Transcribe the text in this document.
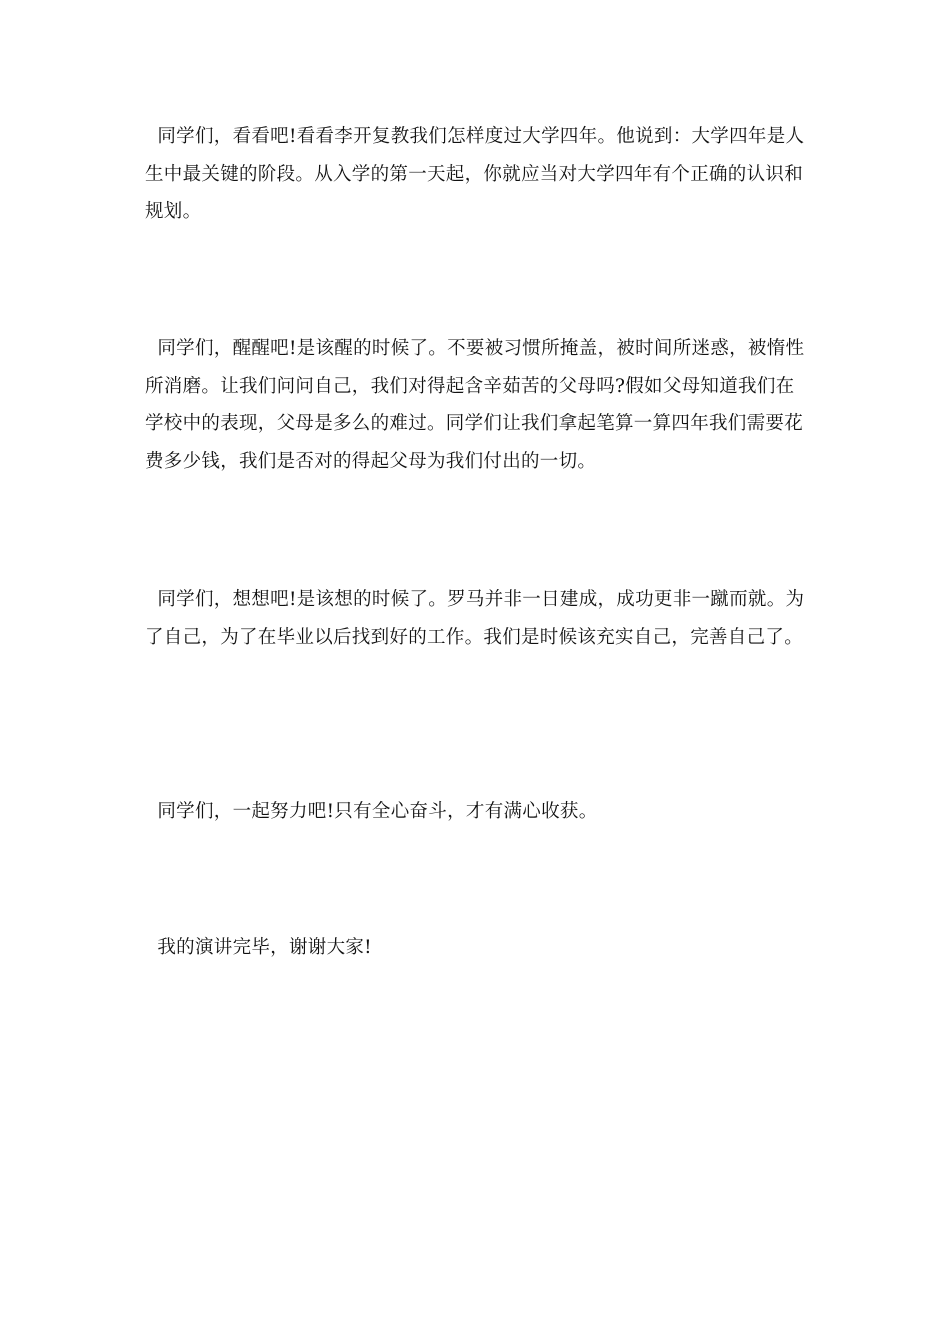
同学们，看看吧!看看李开复教我们怎样度过大学四年。他说到：大学四年是人生中最关键的阶段。从入学的第一天起，你就应当对大学四年有个正确的认识和规划。

同学们，醒醒吧!是该醒的时候了。不要被习惯所掩盖，被时间所迷惑，被惰性所消磨。让我们问问自己，我们对得起含辛茹苦的父母吗?假如父母知道我们在学校中的表现，父母是多么的难过。同学们让我们拿起笔算一算四年我们需要花费多少钱，我们是否对的得起父母为我们付出的一切。

同学们，想想吧!是该想的时候了。罗马并非一日建成，成功更非一蹴而就。为了自己，为了在毕业以后找到好的工作。我们是时候该充实自己，完善自己了。

同学们，一起努力吧!只有全心奋斗，才有满心收获。

我的演讲完毕，谢谢大家!
